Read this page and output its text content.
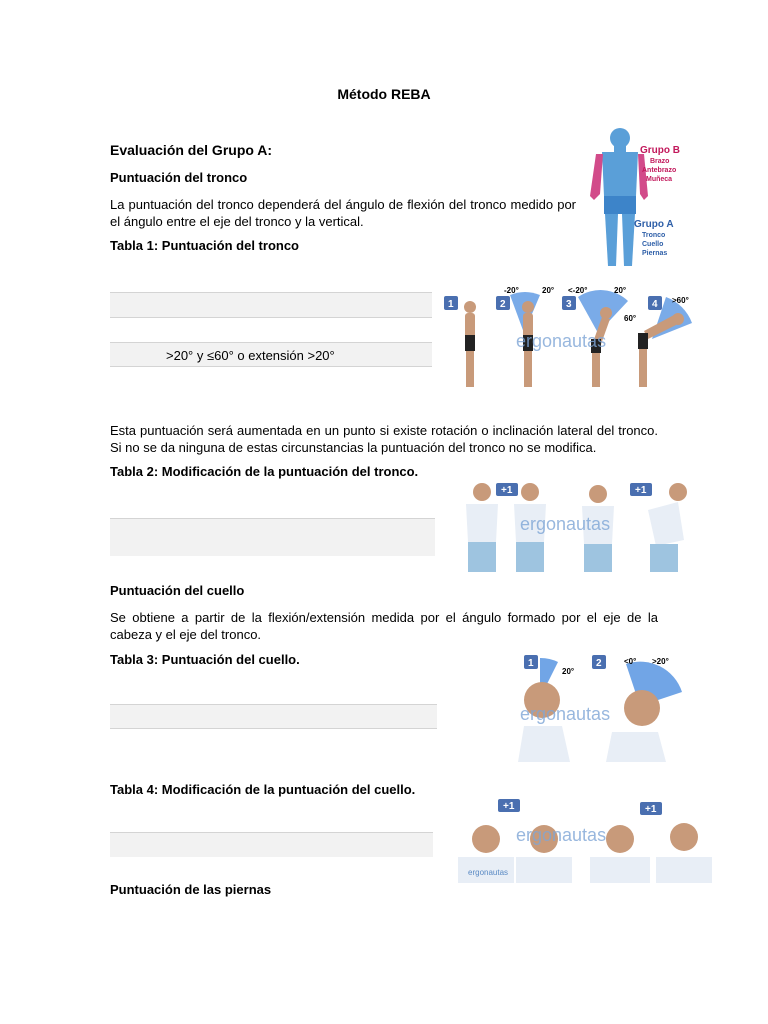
Método REBA
Evaluación del Grupo A:
Puntuación del tronco
La puntuación del tronco dependerá del ángulo de flexión del tronco medido por el ángulo entre el eje del tronco y la vertical.
Tabla 1: Puntuación del tronco
>20° y ≤60° o extensión >20°
Esta puntuación será aumentada en un punto si existe rotación o inclinación lateral del tronco. Si no se da ninguna de estas circunstancias la puntuación del tronco no se modifica.
Tabla 2: Modificación de la puntuación del tronco.
Puntuación del cuello
Se obtiene a partir de la flexión/extensión medida por el ángulo formado por el eje de la cabeza y el eje del tronco.
Tabla 3: Puntuación del cuello.
Tabla 4: Modificación de la puntuación del cuello.
Puntuación de las piernas
Grupo B
Brazo
Antebrazo
Muñeca
Grupo A
Tronco
Cuello
Piernas
1	2	3	4
-20°	20° <-20°	20°
60°
>60°
ergonautas
+1	+1
ergonautas
1	2
20°
<0° >20°
ergonautas
ergonautas
+1	+1
ergonautas
